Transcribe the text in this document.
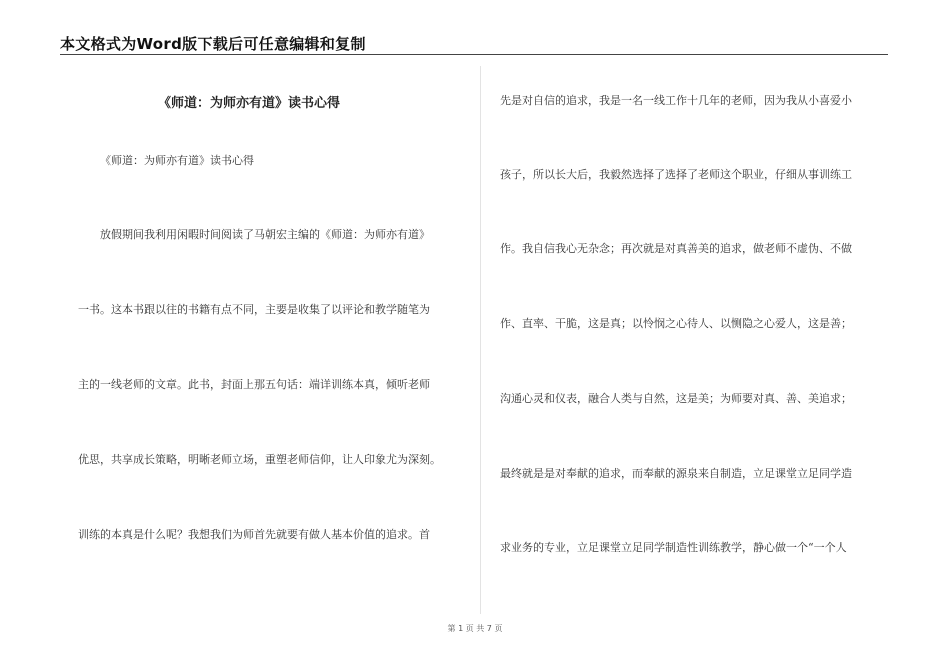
本文格式为Word版下载后可任意编辑和复制
《师道：为师亦有道》读书心得
《师道：为师亦有道》读书心得
放假期间我利用闲暇时间阅读了马朝宏主编的《师道：为师亦有道》
一书。这本书跟以往的书籍有点不同，主要是收集了以评论和教学随笔为
主的一线老师的文章。此书，封面上那五句话：端详训练本真，倾听老师
优思，共享成长策略，明晰老师立场，重塑老师信仰，让人印象尤为深刻。
训练的本真是什么呢？我想我们为师首先就要有做人基本价值的追求。首
先是对自信的追求，我是一名一线工作十几年的老师，因为我从小喜爱小
孩子，所以长大后，我毅然选择了选择了老师这个职业，仔细从事训练工
作。我自信我心无杂念；再次就是对真善美的追求，做老师不虚伪、不做
作、直率、干脆，这是真；以怜悯之心待人、以恻隐之心爱人，这是善；
沟通心灵和仪表，融合人类与自然，这是美；为师要对真、善、美追求；
最终就是是对奉献的追求，而奉献的源泉来自制造，立足课堂立足同学造
求业务的专业，立足课堂立足同学制造性训练教学，静心做一个“一个人
第 1 页 共 7 页
